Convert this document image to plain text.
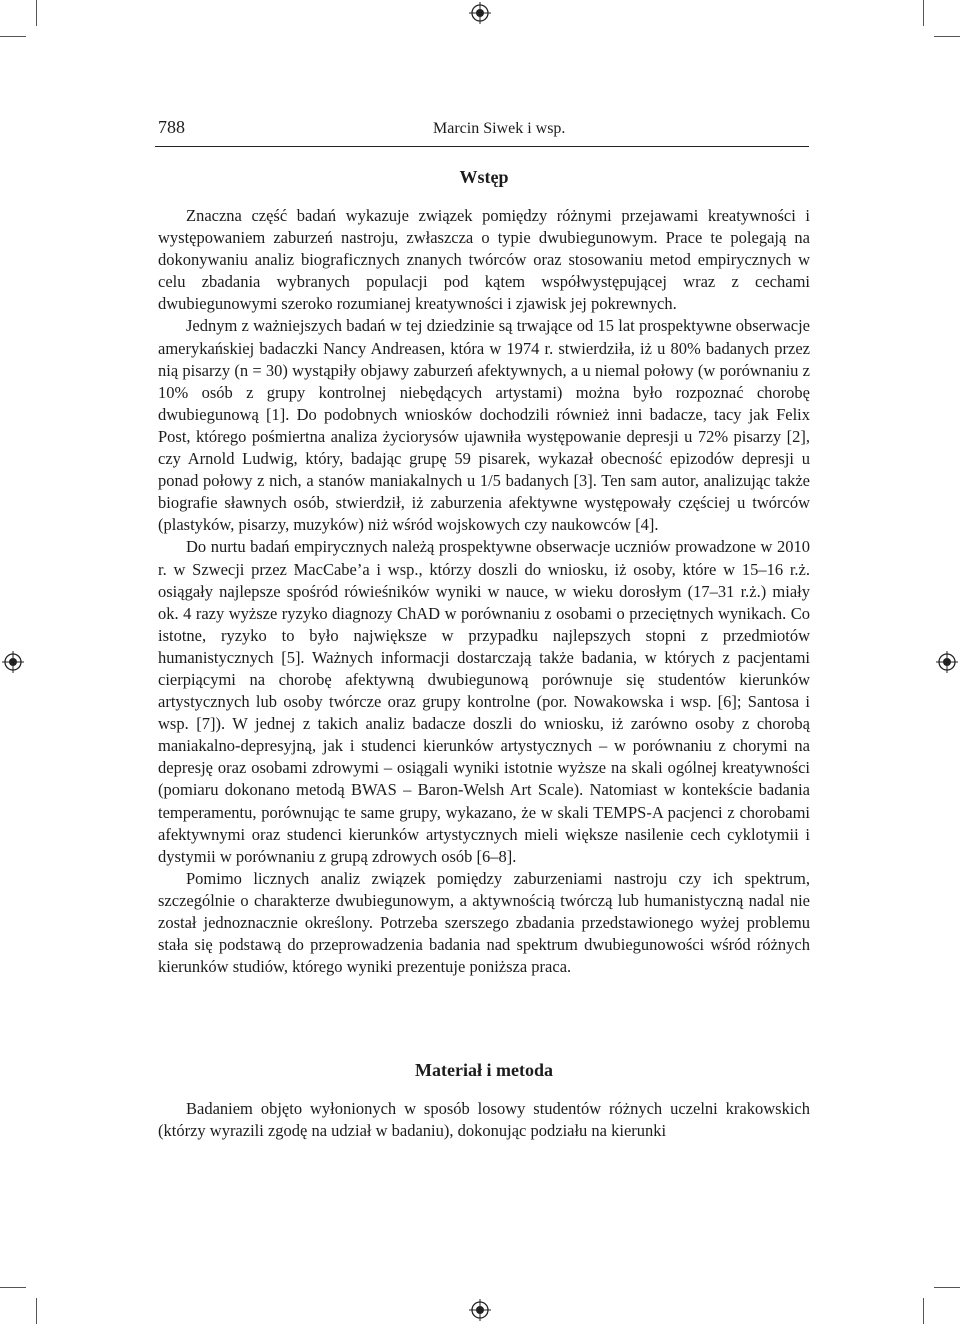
788	Marcin Siwek i wsp.
Wstęp

Znaczna część badań wykazuje związek pomiędzy różnymi przejawami kreatywności i występowaniem zaburzeń nastroju, zwłaszcza o typie dwubiegunowym. Prace te polegają na dokonywaniu analiz biograficznych znanych twórców oraz stosowaniu metod empirycznych w celu zbadania wybranych populacji pod kątem współwystępującej wraz z cechami dwubiegunowymi szeroko rozumianej kreatywności i zjawisk jej pokrewnych.

Jednym z ważniejszych badań w tej dziedzinie są trwające od 15 lat prospektywne obserwacje amerykańskiej badaczki Nancy Andreasen, która w 1974 r. stwierdziła, iż u 80% badanych przez nią pisarzy (n = 30) wystąpiły objawy zaburzeń afektywnych, a u niemal połowy (w porównaniu z 10% osób z grupy kontrolnej niebędących artystami) można było rozpoznać chorobę dwubiegunową [1]. Do podobnych wniosków dochodzili również inni badacze, tacy jak Felix Post, którego pośmiertna analiza życiorysów ujawniła występowanie depresji u 72% pisarzy [2], czy Arnold Ludwig, który, badając grupę 59 pisarek, wykazał obecność epizodów depresji u ponad połowy z nich, a stanów maniakalnych u 1/5 badanych [3]. Ten sam autor, analizując także biografie sławnych osób, stwierdził, iż zaburzenia afektywne występowały częściej u twórców (plastyków, pisarzy, muzyków) niż wśród wojskowych czy naukowców [4].

Do nurtu badań empirycznych należą prospektywne obserwacje uczniów prowadzone w 2010 r. w Szwecji przez MacCabe’a i wsp., którzy doszli do wniosku, iż osoby, które w 15–16 r.ż. osiągały najlepsze spośród rówieśników wyniki w nauce, w wieku dorosłym (17–31 r.ż.) miały ok. 4 razy wyższe ryzyko diagnozy ChAD w porównaniu z osobami o przeciętnych wynikach. Co istotne, ryzyko to było największe w przypadku najlepszych stopni z przedmiotów humanistycznych [5]. Ważnych informacji dostarczają także badania, w których z pacjentami cierpiącymi na chorobę afektywną dwubiegunową porównuje się studentów kierunków artystycznych lub osoby twórcze oraz grupy kontrolne (por. Nowakowska i wsp. [6]; Santosa i wsp. [7]). W jednej z takich analiz badacze doszli do wniosku, iż zarówno osoby z chorobą maniakalno-depresyjną, jak i studenci kierunków artystycznych – w porównaniu z chorymi na depresję oraz osobami zdrowymi – osiągali wyniki istotnie wyższe na skali ogólnej kreatywności (pomiaru dokonano metodą BWAS – Baron-Welsh Art Scale). Natomiast w kontekście badania temperamentu, porównując te same grupy, wykazano, że w skali TEMPS-A pacjenci z chorobami afektywnymi oraz studenci kierunków artystycznych mieli większe nasilenie cech cyklotymii i dystymii w porównaniu z grupą zdrowych osób [6–8].

Pomimo licznych analiz związek pomiędzy zaburzeniami nastroju czy ich spektrum, szczególnie o charakterze dwubiegunowym, a aktywnością twórczą lub humanistyczną nadal nie został jednoznacznie określony. Potrzeba szerszego zbadania przedstawionego wyżej problemu stała się podstawą do przeprowadzenia badania nad spektrum dwubiegunowości wśród różnych kierunków studiów, którego wyniki prezentuje poniższa praca.

Materiał i metoda

Badaniem objęto wyłonionych w sposób losowy studentów różnych uczelni krakowskich (którzy wyrazili zgodę na udział w badaniu), dokonując podziału na kierunki
